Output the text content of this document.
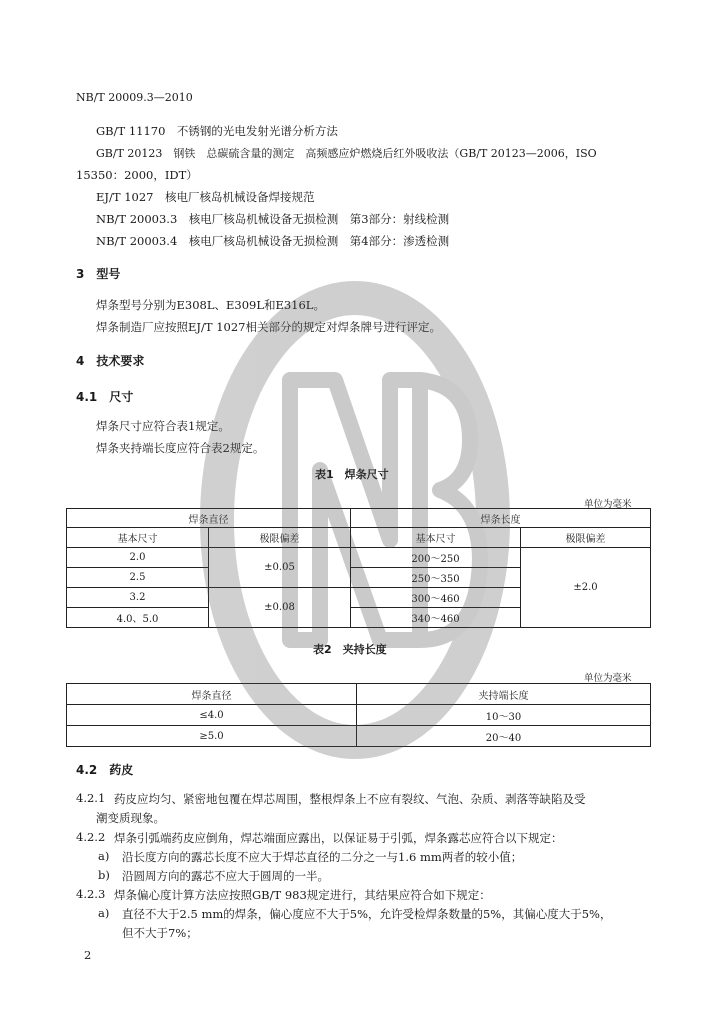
NB/T 20009.3—2010
GB/T 11170　不锈钢的光电发射光谱分析方法
GB/T 20123　钢铁　总碳硫含量的测定　高频感应炉燃烧后红外吸收法（GB/T 20123—2006，ISO
15350：2000，IDT）
EJ/T 1027　核电厂核岛机械设备焊接规范
NB/T 20003.3　核电厂核岛机械设备无损检测　第3部分：射线检测
NB/T 20003.4　核电厂核岛机械设备无损检测　第4部分：渗透检测
3　型号
焊条型号分别为E308L、E309L和E316L。
焊条制造厂应按照EJ/T 1027相关部分的规定对焊条牌号进行评定。
4　技术要求
4.1　尺寸
焊条尺寸应符合表1规定。
焊条夹持端长度应符合表2规定。
表1　焊条尺寸
单位为毫米
焊条直径		焊条长度	
基本尺寸	极限偏差	基本尺寸	极限偏差
2.0	±0.05	200～250	±2.0
2.5		250～350	
3.2	±0.08	300～460	
4.0、5.0		340～460	
表2　夹持长度
单位为毫米
焊条直径	夹持端长度
≤4.0	10～30
≥5.0	20～40
4.2　药皮
4.2.1 药皮应均匀、紧密地包覆在焊芯周围，整根焊条上不应有裂纹、气泡、杂质、剥落等缺陷及受
潮变质现象。
4.2.2 焊条引弧端药皮应倒角，焊芯端面应露出，以保证易于引弧，焊条露芯应符合以下规定：
a) 沿长度方向的露芯长度不应大于焊芯直径的二分之一与1.6 mm两者的较小值；
b) 沿圆周方向的露芯不应大于圆周的一半。
4.2.3 焊条偏心度计算方法应按照GB/T 983规定进行，其结果应符合如下规定：
a) 直径不大于2.5 mm的焊条，偏心度应不大于5%，允许受检焊条数量的5%，其偏心度大于5%，
但不大于7%；
2
